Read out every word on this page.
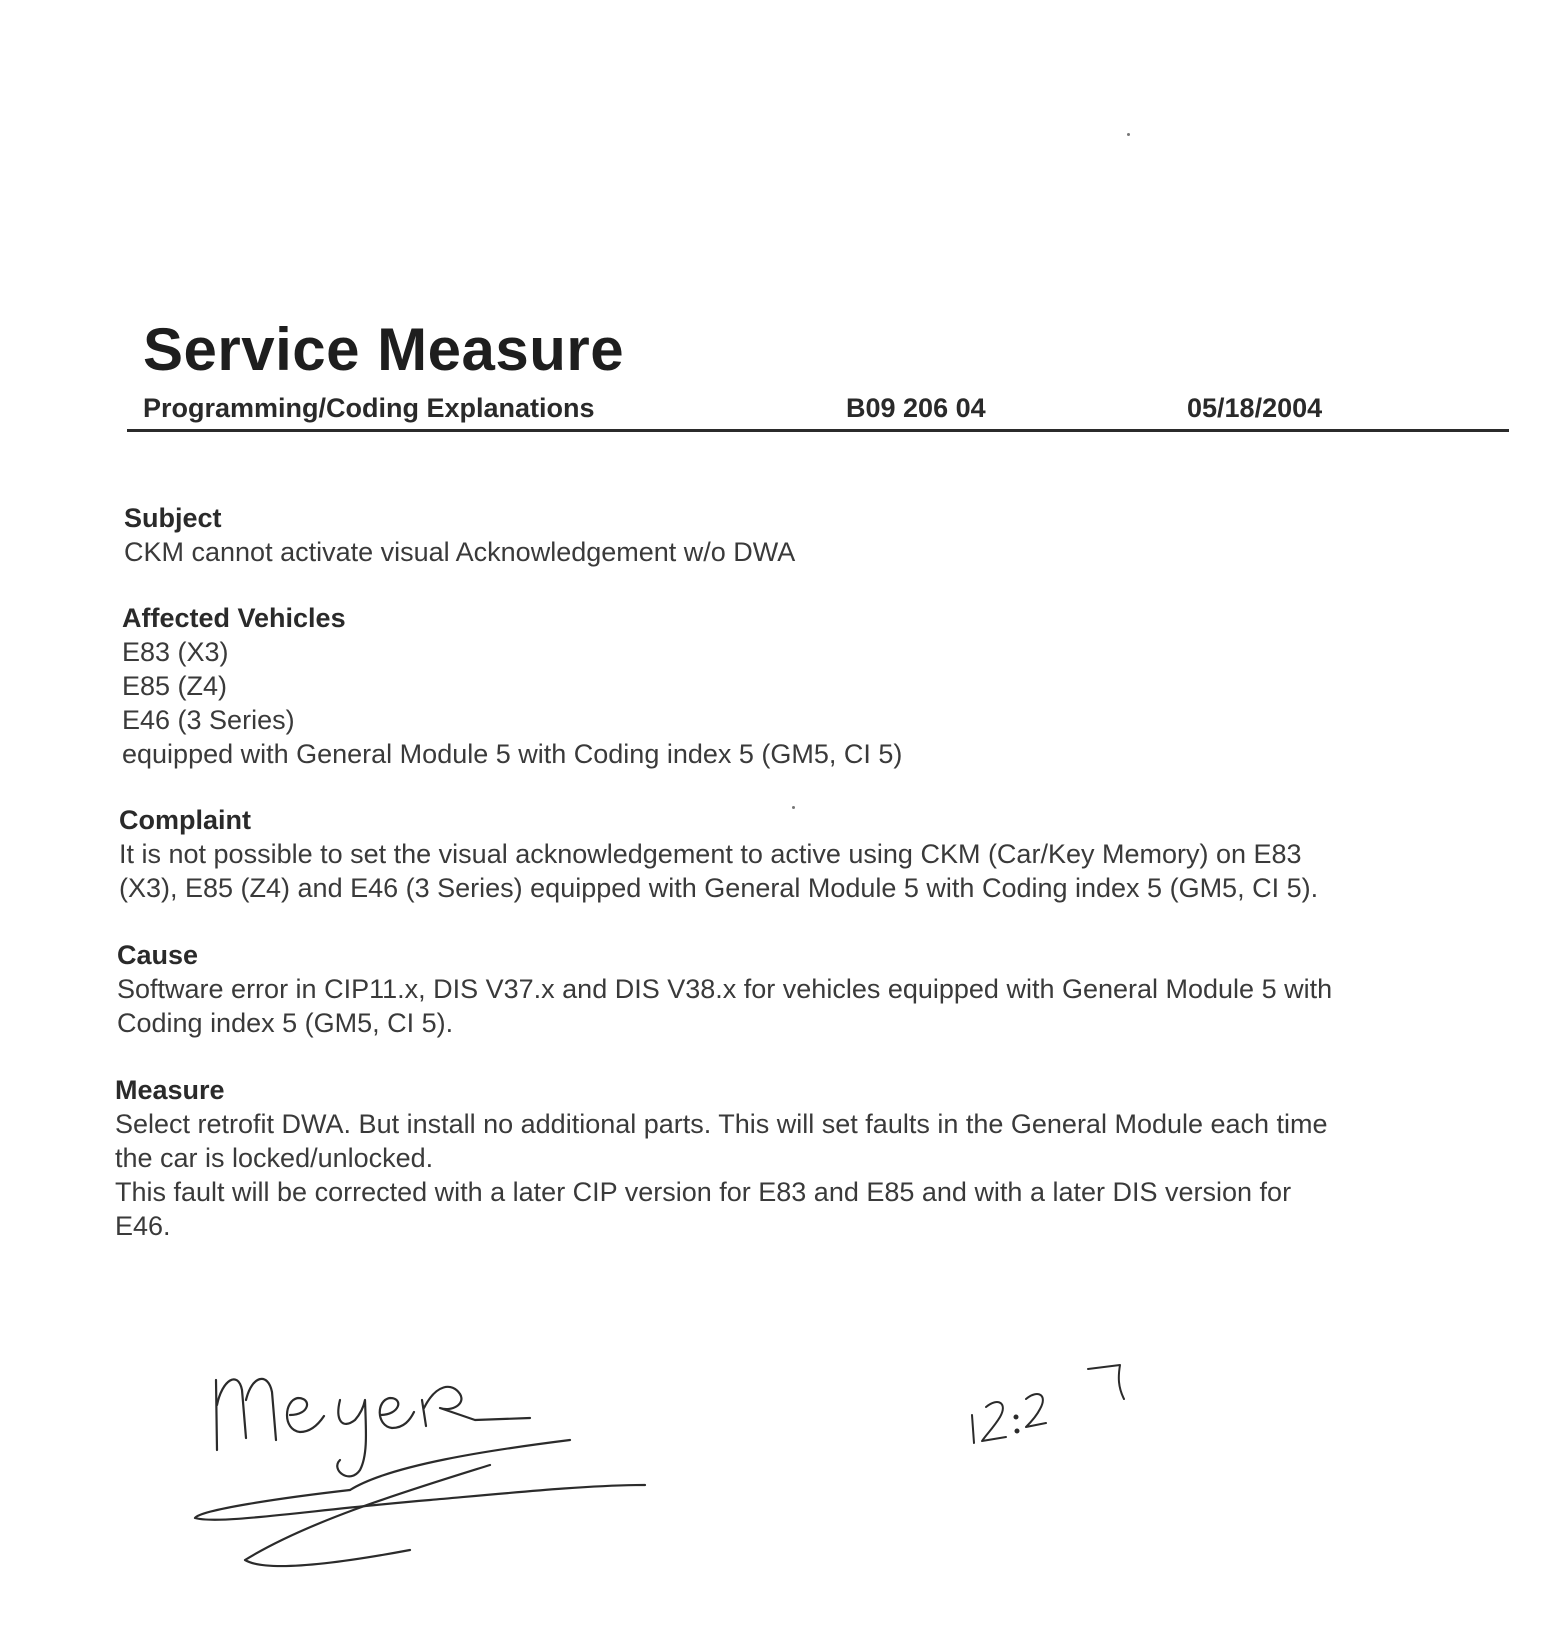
Service Measure
Programming/Coding Explanations	B09 206 04	05/18/2004
Subject
CKM cannot activate visual Acknowledgement w/o DWA
Affected Vehicles
E83 (X3)
E85 (Z4)
E46 (3 Series)
equipped with General Module 5 with Coding index 5 (GM5, CI 5)
Complaint
It is not possible to set the visual acknowledgement to active using CKM (Car/Key Memory) on E83
(X3), E85 (Z4) and E46 (3 Series) equipped with General Module 5 with Coding index 5 (GM5, CI 5).
Cause
Software error in CIP11.x, DIS V37.x and DIS V38.x for vehicles equipped with General Module 5 with
Coding index 5 (GM5, CI 5).
Measure
Select retrofit DWA. But install no additional parts. This will set faults in the General Module each time
the car is locked/unlocked.
This fault will be corrected with a later CIP version for E83 and E85 and with a later DIS version for
E46.
